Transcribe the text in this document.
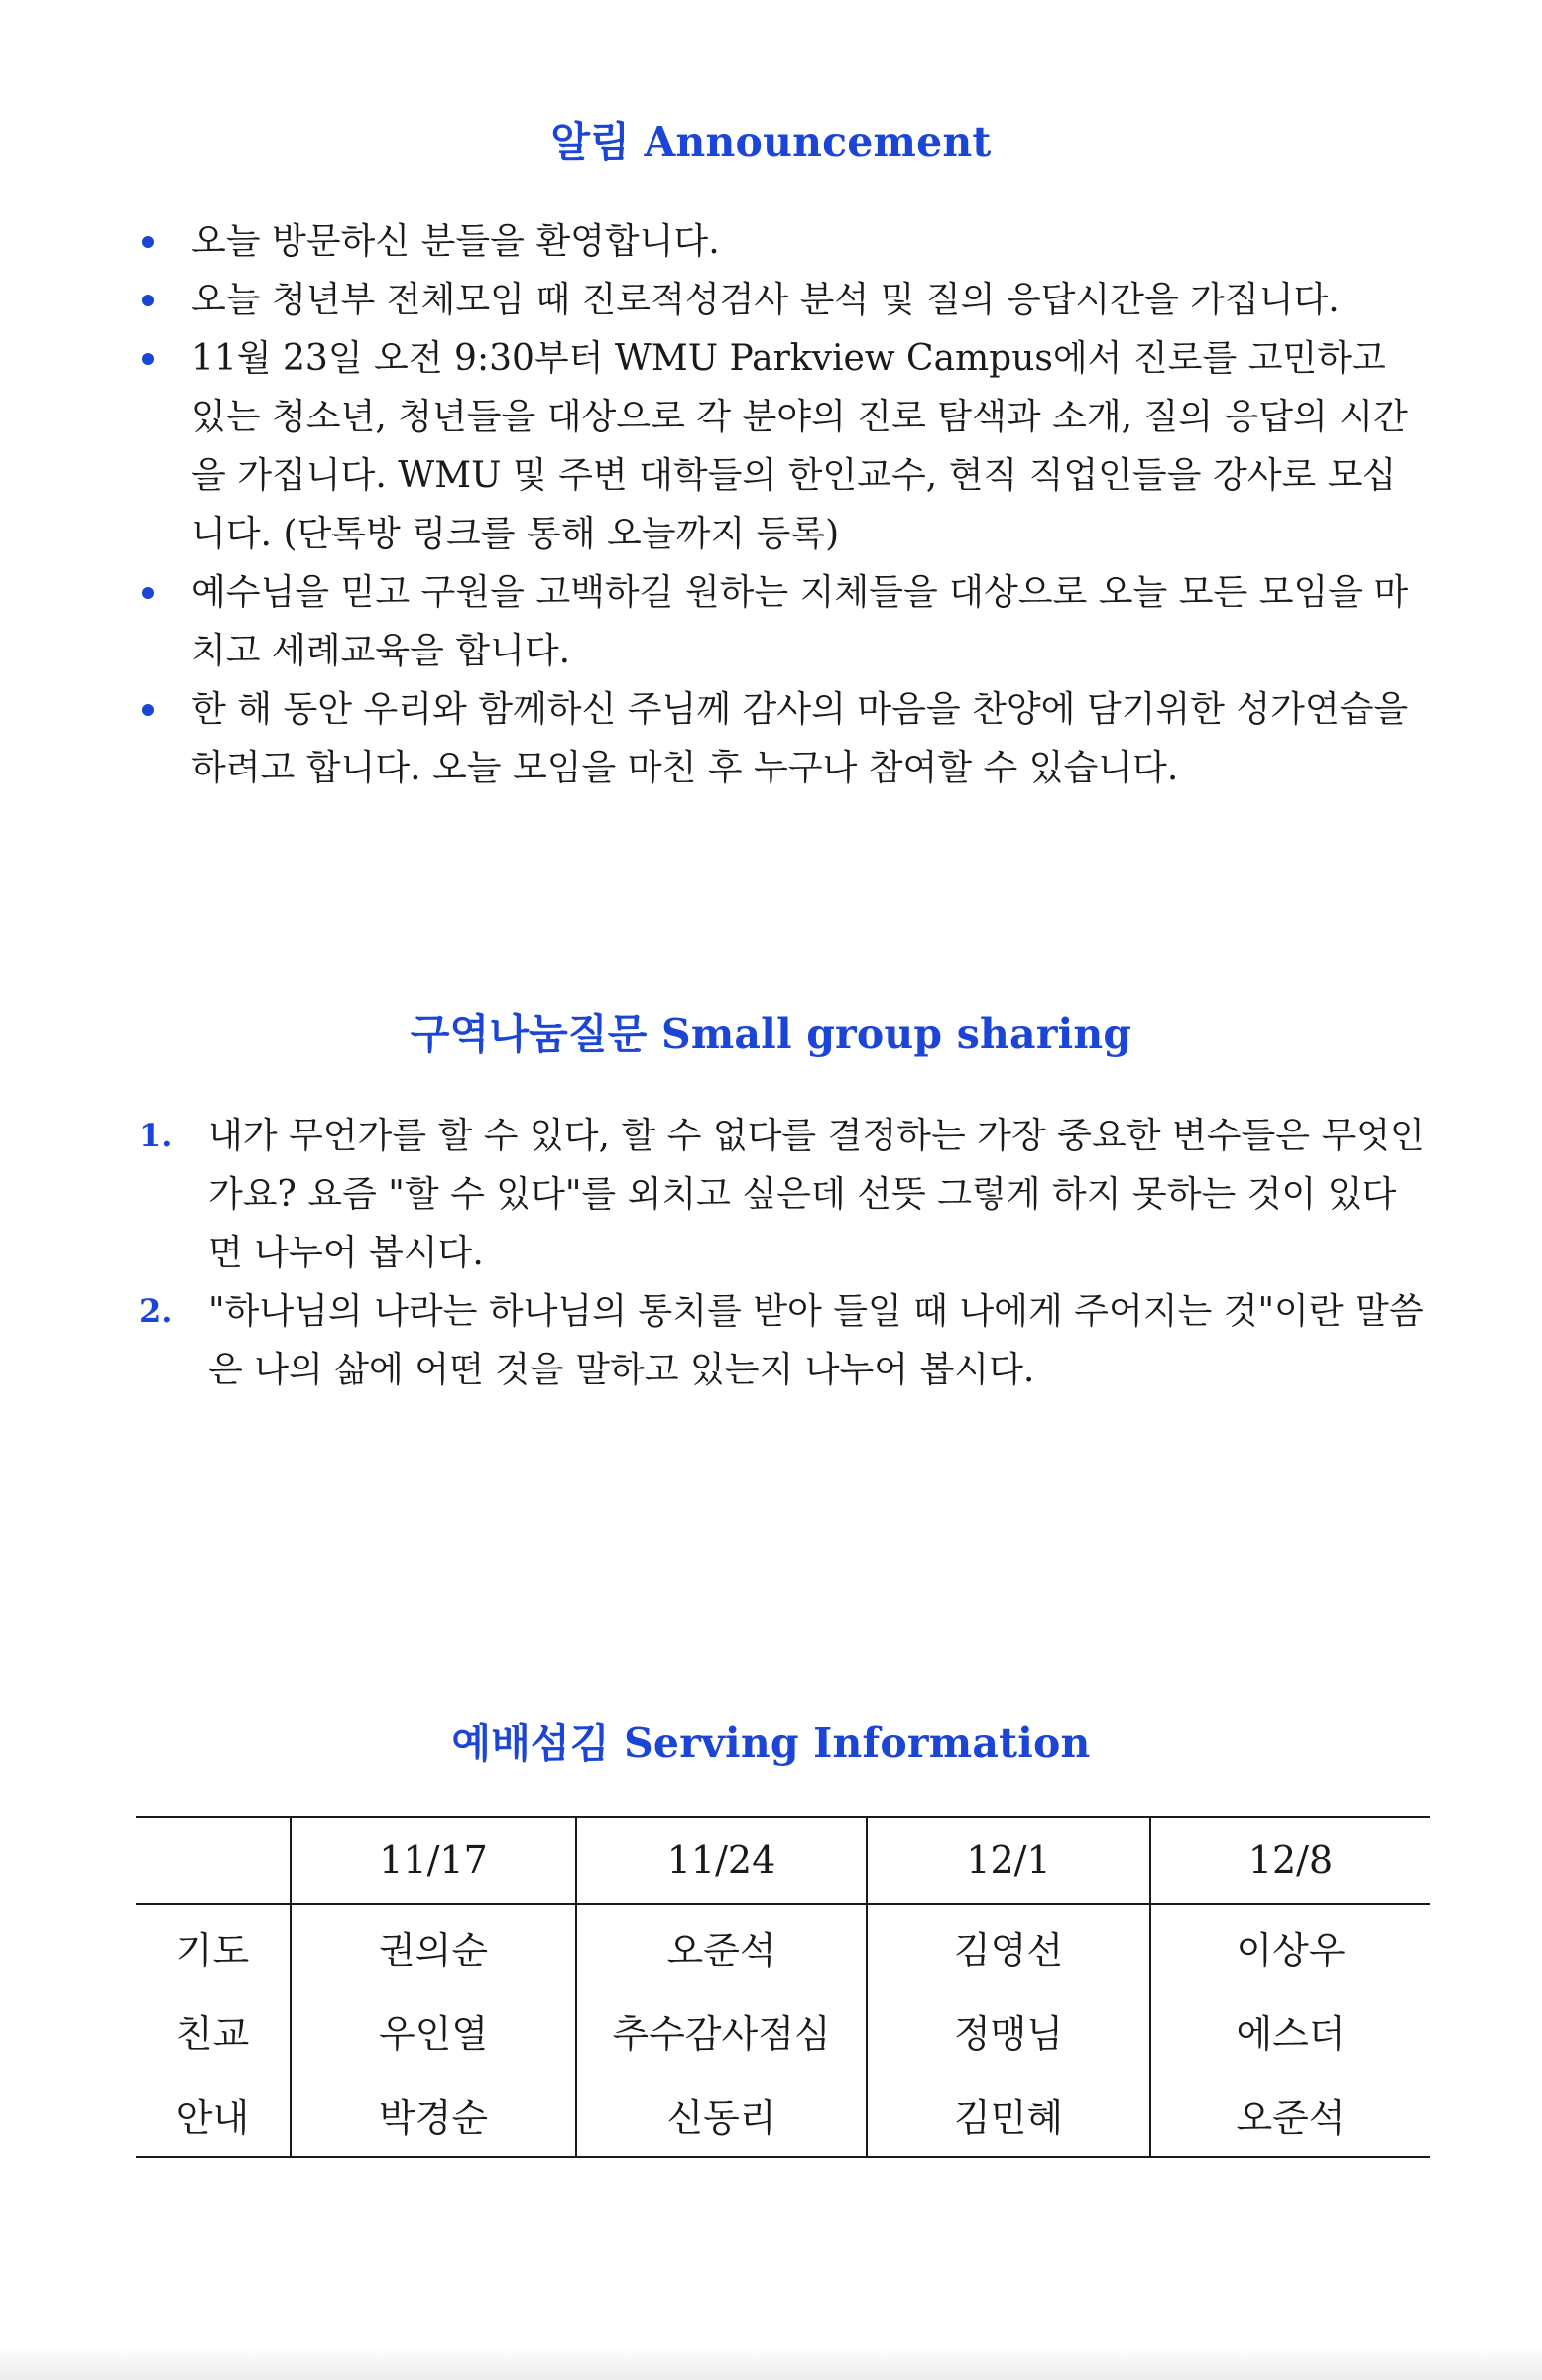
알림 Announcement
오늘 방문하신 분들을 환영합니다.
오늘 청년부 전체모임 때 진로적성검사 분석 및 질의 응답시간을 가집니다.
11월 23일 오전 9:30부터 WMU Parkview Campus에서 진로를 고민하고 있는 청소년, 청년들을 대상으로 각 분야의 진로 탐색과 소개, 질의 응답의 시간을 가집니다. WMU 및 주변 대학들의 한인교수, 현직 직업인들을 강사로 모십니다. (단톡방 링크를 통해 오늘까지 등록)
예수님을 믿고 구원을 고백하길 원하는 지체들을 대상으로 오늘 모든 모임을 마치고 세례교육을 합니다.
한 해 동안 우리와 함께하신 주님께 감사의 마음을 찬양에 담기위한 성가연습을 하려고 합니다. 오늘 모임을 마친 후 누구나 참여할 수 있습니다.
구역나눔질문 Small group sharing
1. 내가 무언가를 할 수 있다, 할 수 없다를 결정하는 가장 중요한 변수들은 무엇인가요? 요즘 "할 수 있다"를 외치고 싶은데 선뜻 그렇게 하지 못하는 것이 있다면 나누어 봅시다.
2. "하나님의 나라는 하나님의 통치를 받아 들일 때 나에게 주어지는 것"이란 말씀은 나의 삶에 어떤 것을 말하고 있는지 나누어 봅시다.
예배섬김 Serving Information
	11/17	11/24	12/1	12/8
기도	권의순	오준석	김영선	이상우
친교	우인열	추수감사점심	정맹님	에스더
안내	박경순	신동리	김민혜	오준석
